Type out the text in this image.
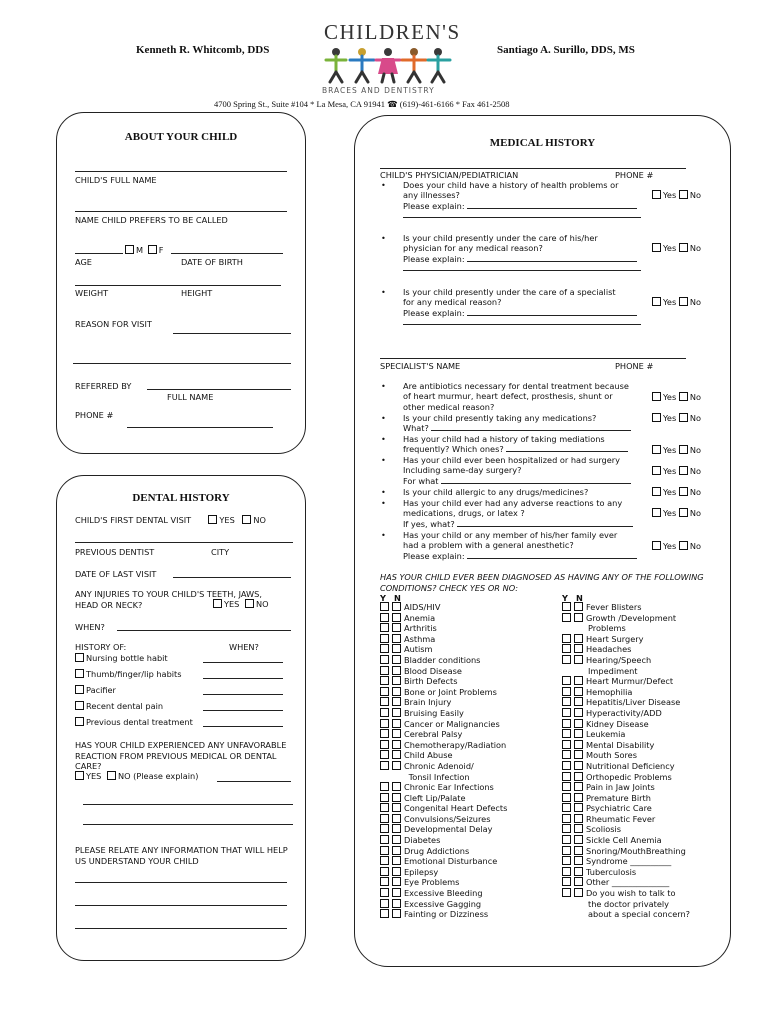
Kenneth R. Whitcomb, DDS	Santiago A. Surillo, DDS, MS
CHILDREN'S
BRACES AND DENTISTRY
4700 Spring St., Suite #104 * La Mesa, CA 91941 ☎ (619)-461-6166 * Fax 461-2508
ABOUT YOUR CHILD
CHILD'S FULL NAME
NAME CHILD PREFERS TO BE CALLED
M F
AGE	DATE OF BIRTH
WEIGHT	HEIGHT
REASON FOR VISIT
REFERRED BY
FULL NAME
PHONE #
DENTAL HISTORY
CHILD'S FIRST DENTAL VISIT	YES NO
PREVIOUS DENTIST	CITY
DATE OF LAST VISIT
ANY INJURIES TO YOUR CHILD'S TEETH, JAWS, HEAD OR NECK?	YES NO
WHEN?
HISTORY OF:	WHEN?
Nursing bottle habit
Thumb/finger/lip habits
Pacifier
Recent dental pain
Previous dental treatment
HAS YOUR CHILD EXPERIENCED ANY UNFAVORABLE REACTION FROM PREVIOUS MEDICAL OR DENTAL CARE?
YES NO (Please explain)
PLEASE RELATE ANY INFORMATION THAT WILL HELP US UNDERSTAND YOUR CHILD
MEDICAL HISTORY
CHILD'S PHYSICIAN/PEDIATRICIAN	PHONE #
• Does your child have a history of health problems or
any illnesses?
Please explain:
Yes No
• Is your child presently under the care of his/her
physician for any medical reason?
Please explain:
Yes No
• Is your child presently under the care of a specialist
for any medical reason?
Please explain:
Yes No
SPECIALIST'S NAME	PHONE #
• Are antibiotics necessary for dental treatment because
of heart murmur, heart defect, prosthesis, shunt or
other medical reason?
Yes No
• Is your child presently taking any medications?
What?
Yes No
• Has your child had a history of taking mediations
frequently? Which ones?	Yes No
• Has your child ever been hospitalized or had surgery
Including same-day surgery?
For what
Yes No
• Is your child allergic to any drugs/medicines?	Yes No
• Has your child ever had any adverse reactions to any
medications, drugs, or latex ?
If yes, what?
Yes No
• Has your child or any member of his/her family ever
had a problem with a general anesthetic?
Please explain:
Yes No
HAS YOUR CHILD EVER BEEN DIAGNOSED AS HAVING ANY OF THE FOLLOWING CONDITIONS? CHECK YES OR NO:
Y N	Y N
AIDS/HIV
Anemia
Arthritis
Asthma
Autism
Bladder conditions
Blood Disease
Birth Defects
Bone or Joint Problems
Brain Injury
Bruising Easily
Cancer or Malignancies
Cerebral Palsy
Chemotherapy/Radiation
Child Abuse
Chronic Adenoid/
Tonsil Infection
Chronic Ear Infections
Cleft Lip/Palate
Congenital Heart Defects
Convulsions/Seizures
Developmental Delay
Diabetes
Drug Addictions
Emotional Disturbance
Epilepsy
Eye Problems
Excessive Bleeding
Excessive Gagging
Fainting or Dizziness
Fever Blisters
Growth /Development
Problems
Heart Surgery
Headaches
Hearing/Speech
Impediment
Heart Murmur/Defect
Hemophilia
Hepatitis/Liver Disease
Hyperactivity/ADD
Kidney Disease
Leukemia
Mental Disability
Mouth Sores
Nutritional Deficiency
Orthopedic Problems
Pain in Jaw Joints
Premature Birth
Psychiatric Care
Rheumatic Fever
Scoliosis
Sickle Cell Anemia
Snoring/MouthBreathing
Syndrome __________
Tuberculosis
Other ______________
Do you wish to talk to
the doctor privately
about a special concern?
